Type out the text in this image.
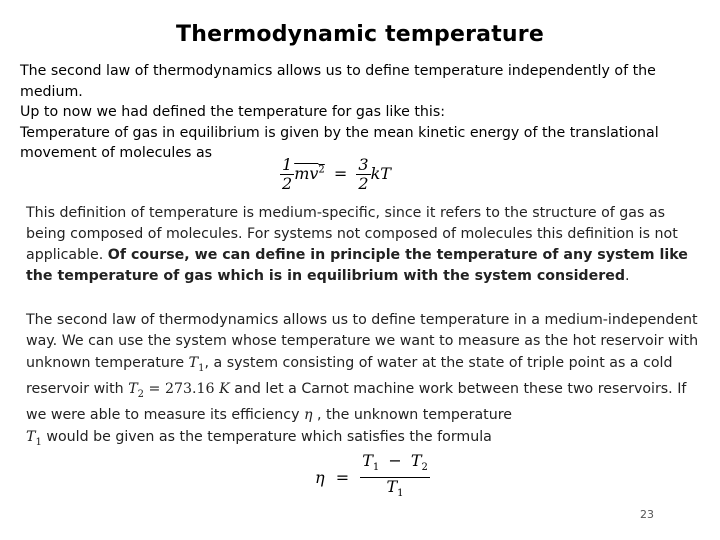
Thermodynamic temperature
The second law of thermodynamics allows us to define temperature independently of the medium.
Up to now we had defined the temperature for gas like this:
Temperature of gas in equilibrium is given by the mean kinetic energy of the translational movement of molecules as
$\frac{1}{2} mv^2 = \frac{3}{2}$ kT
This definition of temperature is medium-specific, since it refers to the structure of gas as being composed of molecules. For systems not composed of molecules this definition is not applicable. Of course, we can define in principle the temperature of any system like the temperature of gas which is in equilibrium with the system considered.
The second law of thermodynamics allows us to define temperature in a medium-independent way. We can use the system whose temperature we want to measure as the hot reservoir with unknown temperature $T_1$, a system consisting of water at the state of triple point as a cold reservoir with $T_2 = 273.16$ K and let a Carnot machine work between these two reservoirs. If we were able to measure its efficiency η , the unknown temperature
$T_1$ would be given as the temperature which satisfies the formula
$\eta = \frac{T_1 - T_2}{T_1}$
23
